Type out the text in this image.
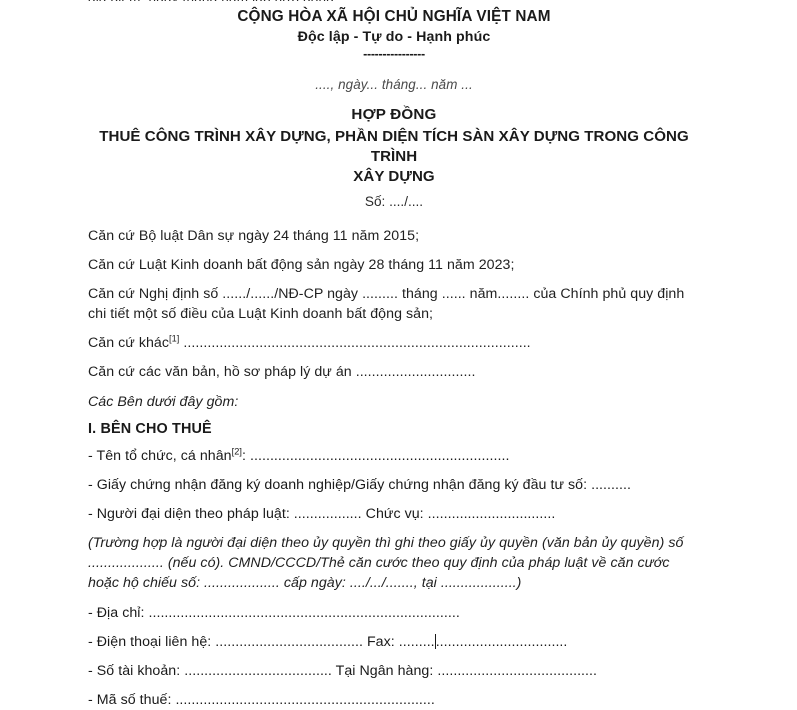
CỘNG HÒA XÃ HỘI CHỦ NGHĨA VIỆT NAM
Độc lập - Tự do - Hạnh phúc
----------------
...., ngày... tháng... năm ...
HỢP ĐỒNG
THUÊ CÔNG TRÌNH XÂY DỰNG, PHẦN DIỆN TÍCH SÀN XÂY DỰNG TRONG CÔNG TRÌNH
XÂY DỰNG
Số: ..../....

Căn cứ Bộ luật Dân sự ngày 24 tháng 11 năm 2015;

Căn cứ Luật Kinh doanh bất động sản ngày 28 tháng 11 năm 2023;

Căn cứ Nghị định số ....../....../NĐ-CP ngày ......... tháng ...... năm........ của Chính phủ quy định chi tiết một số điều của Luật Kinh doanh bất động sản;

Căn cứ khác[1] .......................................................................................

Căn cứ các văn bản, hồ sơ pháp lý dự án ..............................

Các Bên dưới đây gồm:

I. BÊN CHO THUÊ

- Tên tổ chức, cá nhân[2]: .................................................................

- Giấy chứng nhận đăng ký doanh nghiệp/Giấy chứng nhận đăng ký đầu tư số: ..........

- Người đại diện theo pháp luật: ................. Chức vụ: ................................

(Trường hợp là người đại diện theo ủy quyền thì ghi theo giấy ủy quyền (văn bản ủy quyền) số ................... (nếu có). CMND/CCCD/Thẻ căn cước theo quy định của pháp luật về căn cước hoặc hộ chiếu số: ................... cấp ngày: ..../.../......., tại ...................)

- Địa chỉ: ..............................................................................

- Điện thoại liên hệ: ..................................... Fax: ..........................................

- Số tài khoản: ..................................... Tại Ngân hàng: ........................................

- Mã số thuế: .................................................................
